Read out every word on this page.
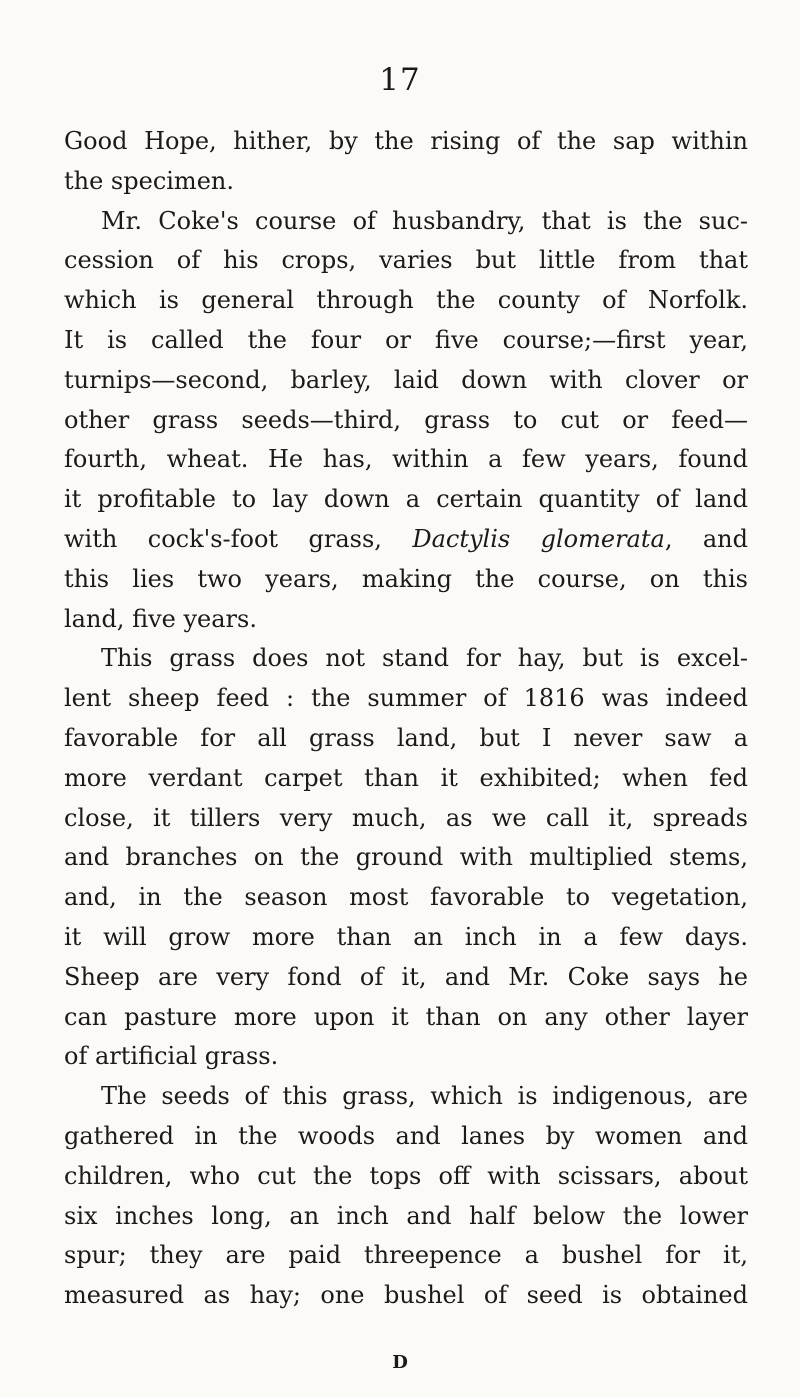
17
Good Hope, hither, by the rising of the sap within
the specimen.
Mr. Coke's course of husbandry, that is the suc-
cession of his crops, varies but little from that
which is general through the county of Norfolk.
It is called the four or five course;—first year,
turnips—second, barley, laid down with clover or
other grass seeds—third, grass to cut or feed—
fourth, wheat. He has, within a few years, found
it profitable to lay down a certain quantity of land
with cock's-foot grass, Dactylis glomerata, and
this lies two years, making the course, on this
land, five years.
This grass does not stand for hay, but is excel-
lent sheep feed : the summer of 1816 was indeed
favorable for all grass land, but I never saw a
more verdant carpet than it exhibited; when fed
close, it tillers very much, as we call it, spreads
and branches on the ground with multiplied stems,
and, in the season most favorable to vegetation,
it will grow more than an inch in a few days.
Sheep are very fond of it, and Mr. Coke says he
can pasture more upon it than on any other layer
of artificial grass.
The seeds of this grass, which is indigenous, are
gathered in the woods and lanes by women and
children, who cut the tops off with scissars, about
six inches long, an inch and half below the lower
spur; they are paid threepence a bushel for it,
measured as hay; one bushel of seed is obtained
D
